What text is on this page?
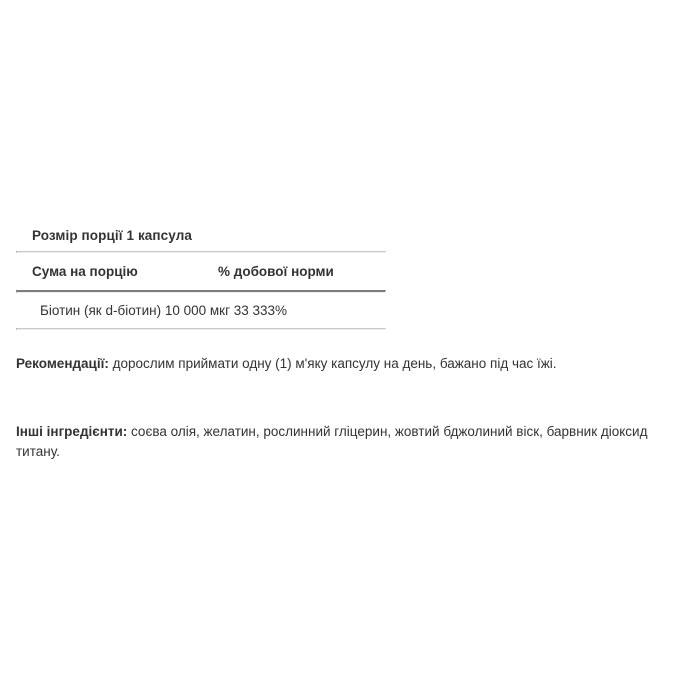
Розмір порції 1 капсула
Сума на порцію	% добової норми
Біотин (як d-біотин) 10 000 мкг 33 333%
Рекомендації: дорослим приймати одну (1) м'яку капсулу на день, бажано під час їжі.
Інші інгредієнти: соєва олія, желатин, рослинний гліцерин, жовтий бджолиний віск, барвник діоксид титану.
